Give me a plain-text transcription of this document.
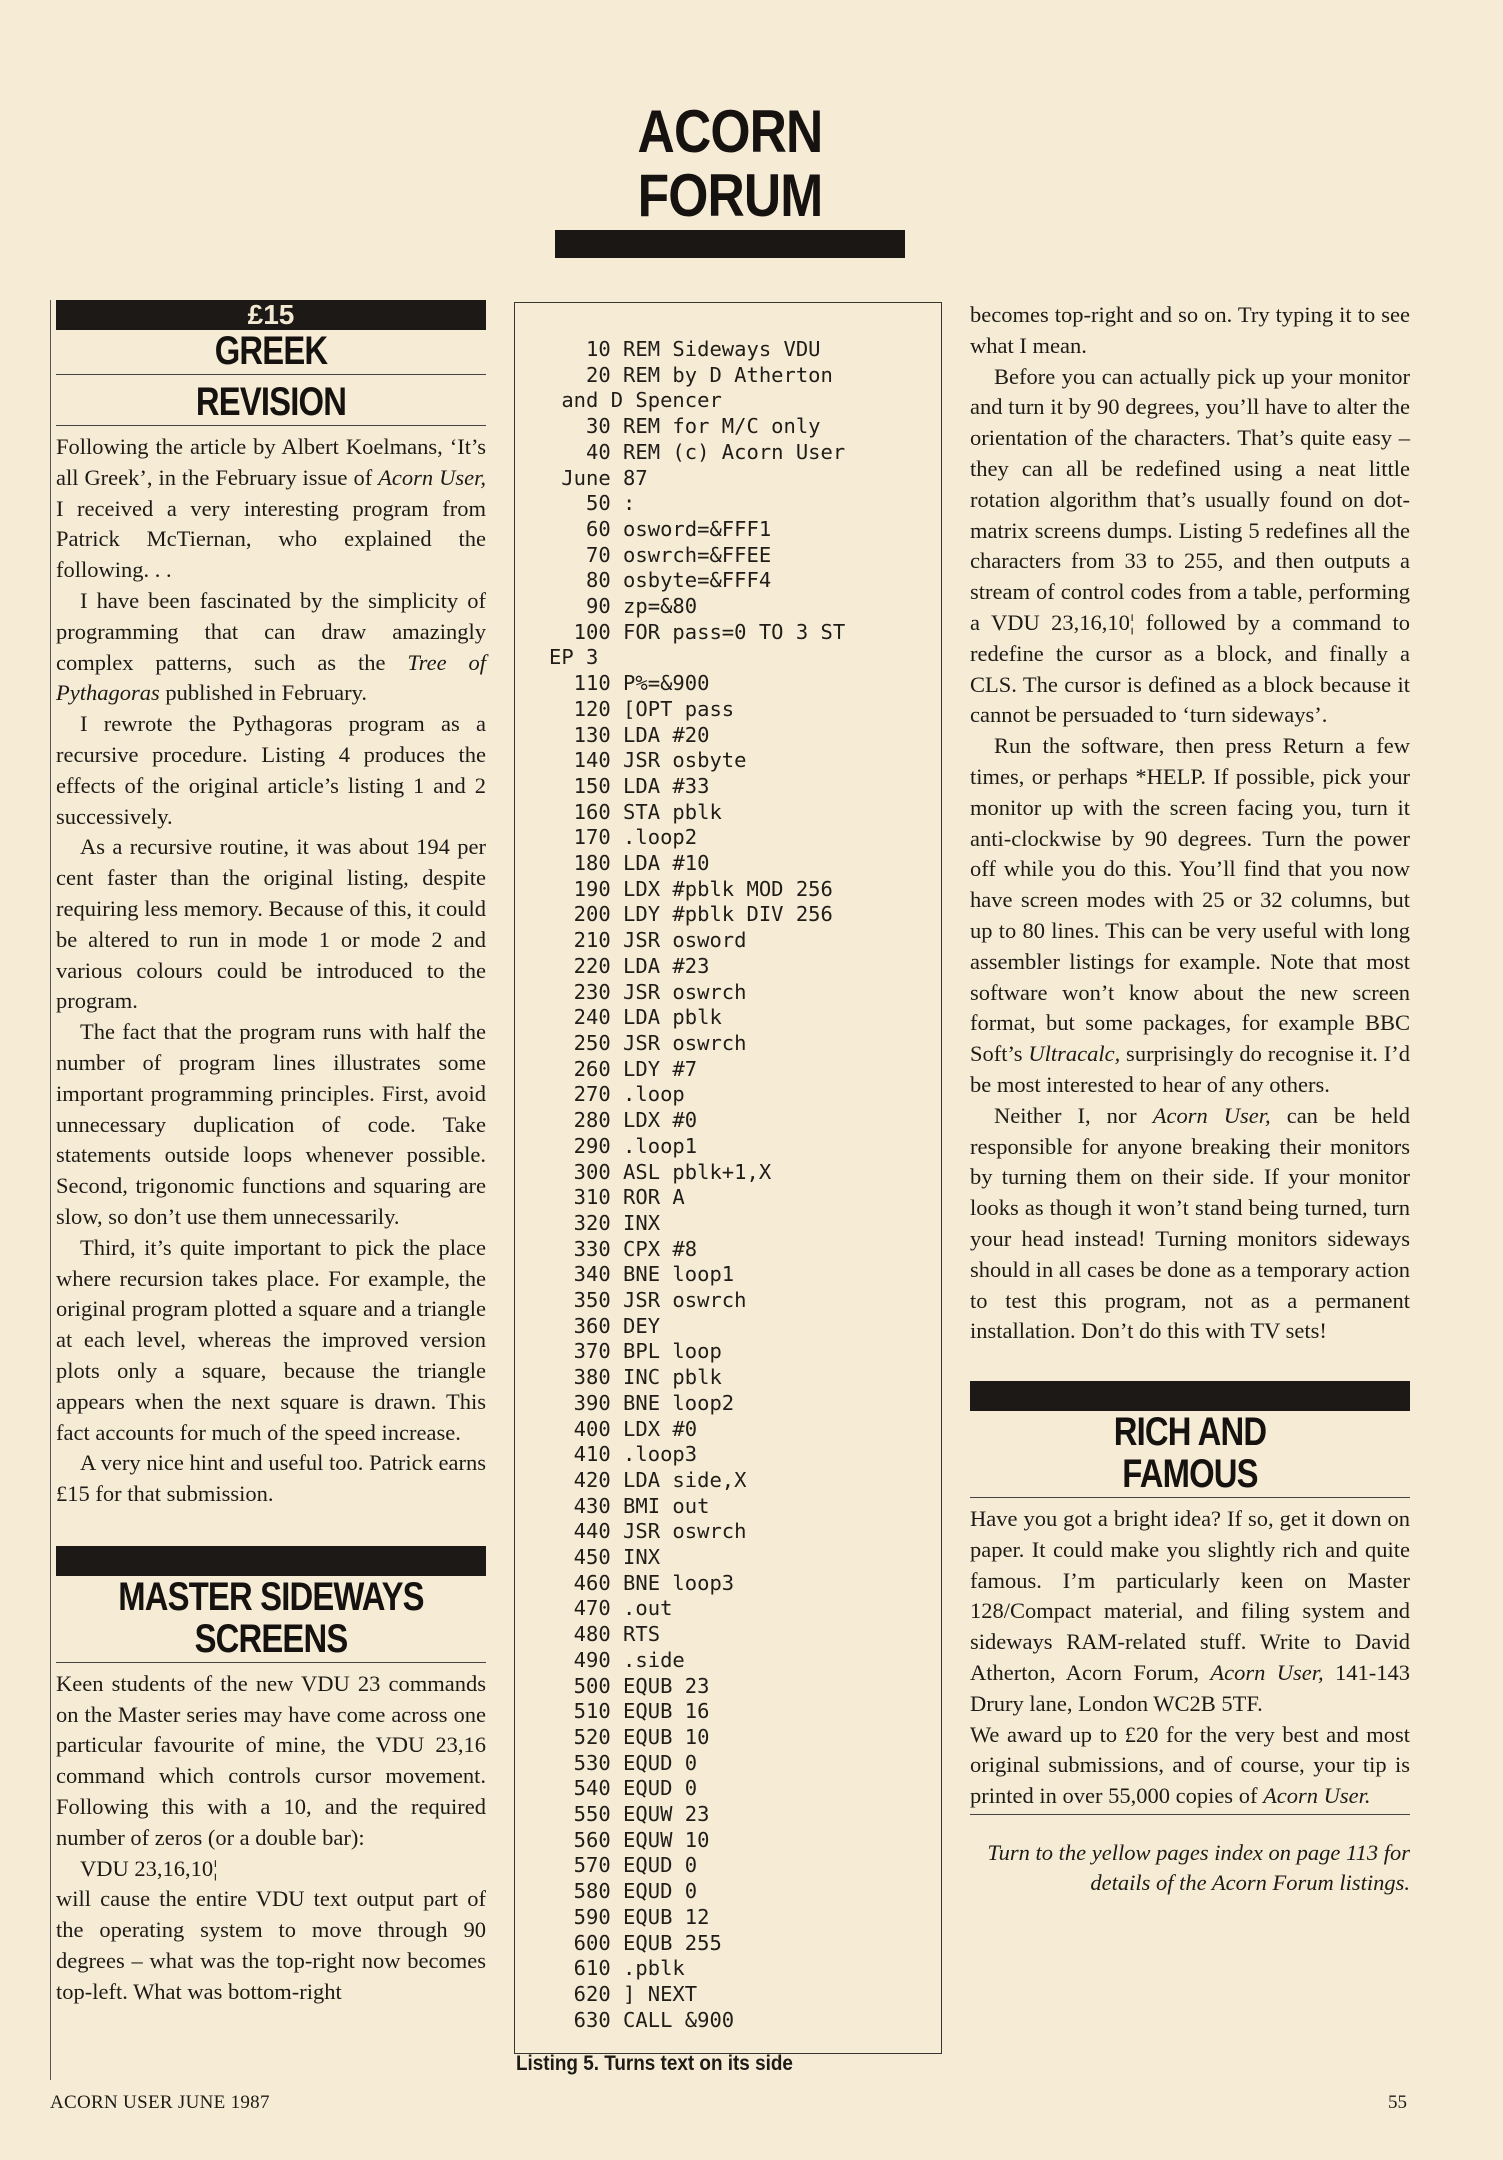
ACORN FORUM
£15
GREEK
REVISION

Following the article by Albert Koelmans, ‘It’s all Greek’, in the February issue of Acorn User, I received a very interesting program from Patrick McTiernan, who explained the following. . .

I have been fascinated by the simplicity of programming that can draw amazingly complex patterns, such as the Tree of Pythagoras published in February.

I rewrote the Pythagoras program as a recursive procedure. Listing 4 produces the effects of the original article’s listing 1 and 2 successively.

As a recursive routine, it was about 194 per cent faster than the original listing, despite requiring less memory. Because of this, it could be altered to run in mode 1 or mode 2 and various colours could be introduced to the program.

The fact that the program runs with half the number of program lines illustrates some important programming principles. First, avoid unnecessary duplication of code. Take statements outside loops whenever possible. Second, trigonomic functions and squaring are slow, so don’t use them unnecessarily.

Third, it’s quite important to pick the place where recursion takes place. For example, the original program plotted a square and a triangle at each level, whereas the improved version plots only a square, because the triangle appears when the next square is drawn. This fact accounts for much of the speed increase.

A very nice hint and useful too. Patrick earns £15 for that submission.

MASTER SIDEWAYS
SCREENS

Keen students of the new VDU 23 commands on the Master series may have come across one particular favourite of mine, the VDU 23,16 command which controls cursor movement. Following this with a 10, and the required number of zeros (or a double bar):

VDU 23,16,10¦

will cause the entire VDU text output part of the operating system to move through 90 degrees – what was the top-right now becomes top-left. What was bottom-right

10 REM Sideways VDU
20 REM by D Atherton
and D Spencer
30 REM for M/C only
40 REM (c) Acorn User
June 87
50 :
60 osword=&FFF1
70 oswrch=&FFEE
80 osbyte=&FFF4
90 zp=&80
100 FOR pass=0 TO 3 ST
EP 3
110 P%=&900
120 [OPT pass
130 LDA #20
140 JSR osbyte
150 LDA #33
160 STA pblk
170 .loop2
180 LDA #10
190 LDX #pblk MOD 256
200 LDY #pblk DIV 256
210 JSR osword
220 LDA #23
230 JSR oswrch
240 LDA pblk
250 JSR oswrch
260 LDY #7
270 .loop
280 LDX #0
290 .loop1
300 ASL pblk+1,X
310 ROR A
320 INX
330 CPX #8
340 BNE loop1
350 JSR oswrch
360 DEY
370 BPL loop
380 INC pblk
390 BNE loop2
400 LDX #0
410 .loop3
420 LDA side,X
430 BMI out
440 JSR oswrch
450 INX
460 BNE loop3
470 .out
480 RTS
490 .side
500 EQUB 23
510 EQUB 16
520 EQUB 10
530 EQUD 0
540 EQUD 0
550 EQUW 23
560 EQUW 10
570 EQUD 0
580 EQUD 0
590 EQUB 12
600 EQUB 255
610 .pblk
620 ] NEXT
630 CALL &900
Listing 5. Turns text on its side

becomes top-right and so on. Try typing it to see what I mean.

Before you can actually pick up your monitor and turn it by 90 degrees, you’ll have to alter the orientation of the characters. That’s quite easy – they can all be redefined using a neat little rotation algorithm that’s usually found on dot-matrix screens dumps. Listing 5 redefines all the characters from 33 to 255, and then outputs a stream of control codes from a table, performing a VDU 23,16,10¦ followed by a command to redefine the cursor as a block, and finally a CLS. The cursor is defined as a block because it cannot be persuaded to ‘turn sideways’.

Run the software, then press Return a few times, or perhaps *HELP. If possible, pick your monitor up with the screen facing you, turn it anti-clockwise by 90 degrees. Turn the power off while you do this. You’ll find that you now have screen modes with 25 or 32 columns, but up to 80 lines. This can be very useful with long assembler listings for example. Note that most software won’t know about the new screen format, but some packages, for example BBC Soft’s Ultracalc, surprisingly do recognise it. I’d be most interested to hear of any others.

Neither I, nor Acorn User, can be held responsible for anyone breaking their monitors by turning them on their side. If your monitor looks as though it won’t stand being turned, turn your head instead! Turning monitors sideways should in all cases be done as a temporary action to test this program, not as a permanent installation. Don’t do this with TV sets!

RICH AND
FAMOUS

Have you got a bright idea? If so, get it down on paper. It could make you slightly rich and quite famous. I’m particularly keen on Master 128/Compact material, and filing system and sideways RAM-related stuff. Write to David Atherton, Acorn Forum, Acorn User, 141-143 Drury lane, London WC2B 5TF.

We award up to £20 for the very best and most original submissions, and of course, your tip is printed in over 55,000 copies of Acorn User.

Turn to the yellow pages index on page 113 for details of the Acorn Forum listings.

ACORN USER JUNE 1987	55
